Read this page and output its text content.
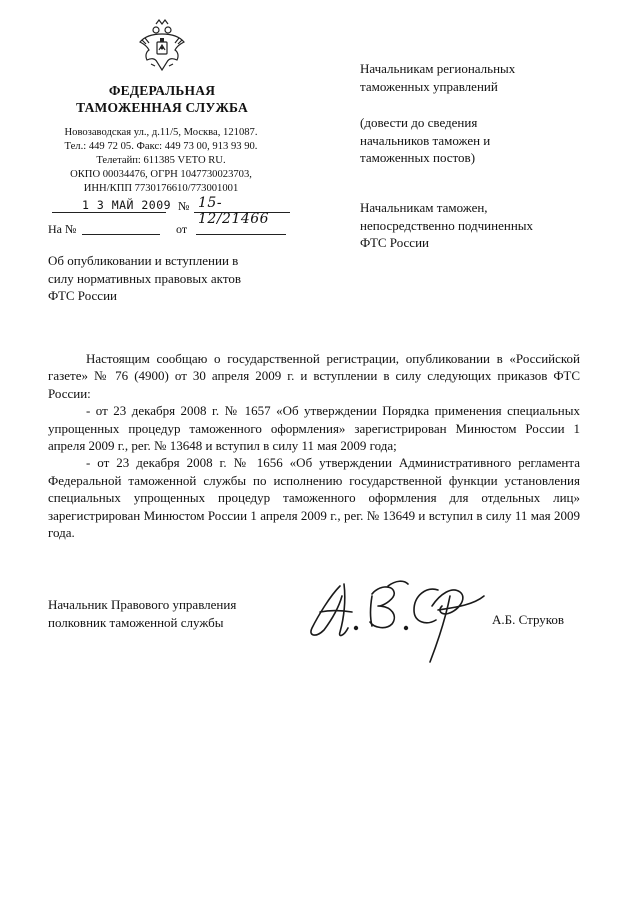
ФЕДЕРАЛЬНАЯ
ТАМОЖЕННАЯ СЛУЖБА
Новозаводская ул., д.11/5, Москва, 121087.
Тел.: 449 72 05. Факс: 449 73 00, 913 93 90.
Телетайп: 611385 VETO RU.
ОКПО 00034476, ОГРН 1047730023703,
ИНН/КПП 7730176610/773001001
1 3 МАЙ 2009 № 15-12/21466
На №	от
Начальникам региональных
таможенных управлений
(довести до сведения
начальников таможен и
таможенных постов)
Начальникам таможен,
непосредственно подчиненных
ФТС России
Об опубликовании и вступлении в
силу нормативных правовых актов
ФТС России

Настоящим сообщаю о государственной регистрации, опубликовании в «Российской газете» № 76 (4900) от 30 апреля 2009 г. и вступлении в силу следующих приказов ФТС России:

- от 23 декабря 2008 г. № 1657 «Об утверждении Порядка применения специальных упрощенных процедур таможенного оформления» зарегистрирован Минюстом России 1 апреля 2009 г., рег. № 13648 и вступил в силу 11 мая 2009 года;

- от 23 декабря 2008 г. № 1656 «Об утверждении Административного регламента Федеральной таможенной службы по исполнению государственной функции установления специальных упрощенных процедур таможенного оформления для отдельных лиц» зарегистрирован Минюстом России 1 апреля 2009 г., рег. № 13649 и вступил в силу 11 мая 2009 года.

Начальник Правового управления
полковник таможенной службы	А.Б. Струков
